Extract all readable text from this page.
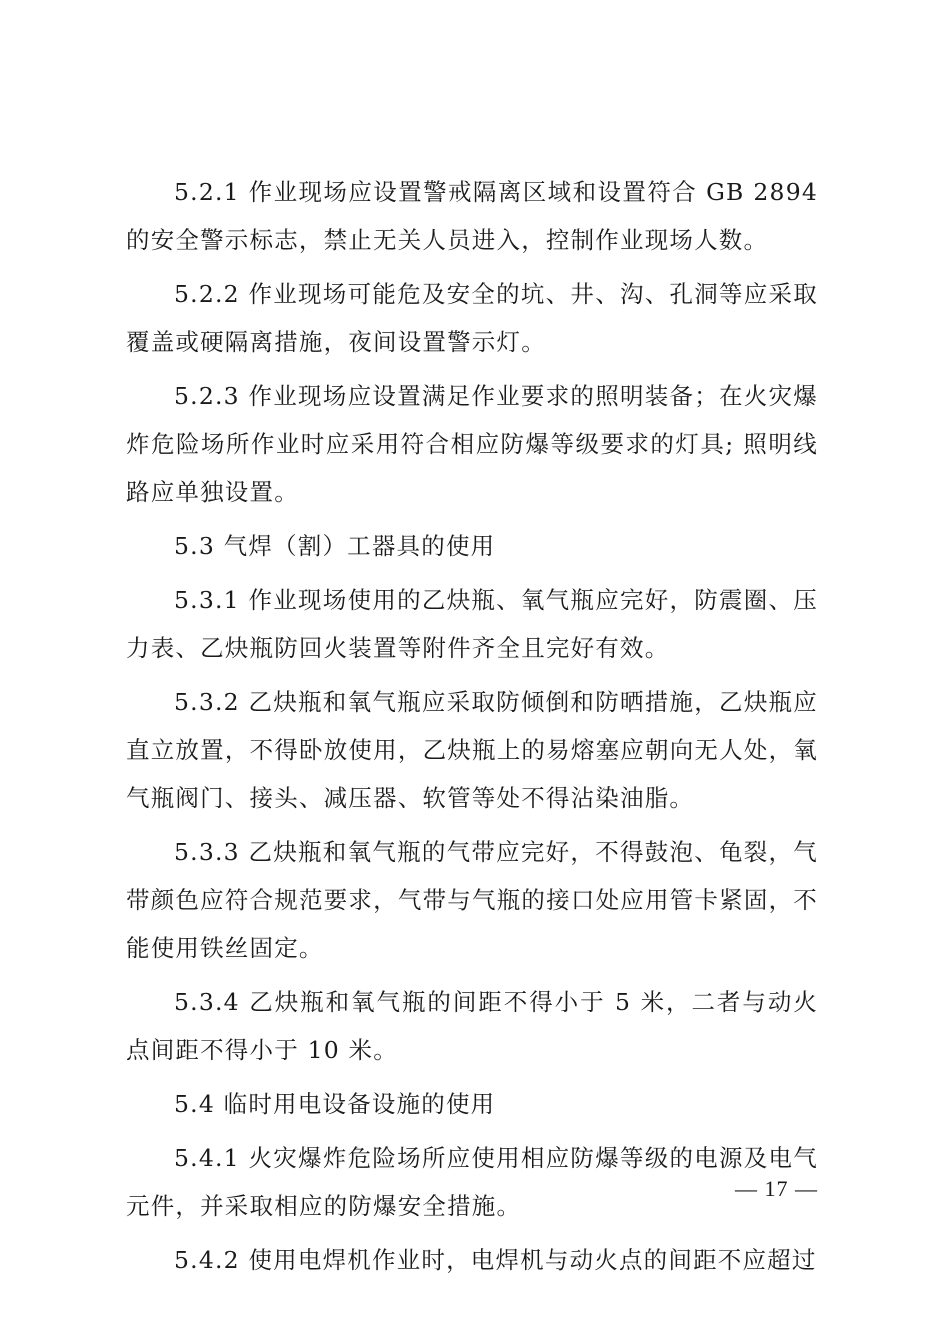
5.2.1 作业现场应设置警戒隔离区域和设置符合 GB 2894 的安全警示标志，禁止无关人员进入，控制作业现场人数。

5.2.2 作业现场可能危及安全的坑、井、沟、孔洞等应采取覆盖或硬隔离措施，夜间设置警示灯。

5.2.3 作业现场应设置满足作业要求的照明装备；在火灾爆炸危险场所作业时应采用符合相应防爆等级要求的灯具; 照明线路应单独设置。

5.3 气焊（割）工器具的使用

5.3.1 作业现场使用的乙炔瓶、氧气瓶应完好，防震圈、压力表、乙炔瓶防回火装置等附件齐全且完好有效。

5.3.2 乙炔瓶和氧气瓶应采取防倾倒和防晒措施，乙炔瓶应直立放置，不得卧放使用，乙炔瓶上的易熔塞应朝向无人处，氧气瓶阀门、接头、减压器、软管等处不得沾染油脂。

5.3.3 乙炔瓶和氧气瓶的气带应完好，不得鼓泡、龟裂，气带颜色应符合规范要求，气带与气瓶的接口处应用管卡紧固，不能使用铁丝固定。

5.3.4 乙炔瓶和氧气瓶的间距不得小于 5 米，二者与动火点间距不得小于 10 米。

5.4 临时用电设备设施的使用

5.4.1 火灾爆炸危险场所应使用相应防爆等级的电源及电气元件，并采取相应的防爆安全措施。

5.4.2 使用电焊机作业时，电焊机与动火点的间距不应超过

— 17 —
